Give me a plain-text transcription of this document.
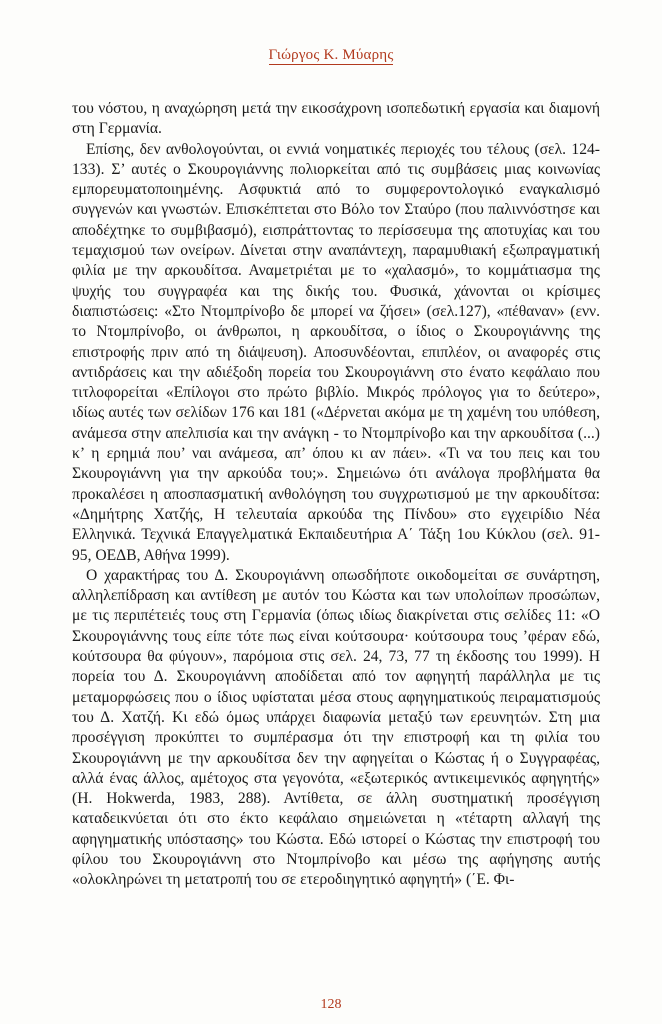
Γιώργος Κ. Μύαρης

του νόστου, η αναχώρηση μετά την εικοσάχρονη ισοπεδωτική εργασία και διαμονή στη Γερμανία.

Επίσης, δεν ανθολογούνται, οι εννιά νοηματικές περιοχές του τέλους (σελ. 124-133). Σ’ αυτές ο Σκουρογιάννης πολιορκείται από τις συμβάσεις μιας κοινωνίας εμπορευματοποιημένης. Ασφυκτιά από το συμφεροντολογικό εναγκαλισμό συγγενών και γνωστών. Επισκέπτεται στο Βόλο τον Σταύρο (που παλιννόστησε και αποδέχτηκε το συμβιβασμό), εισπράττοντας το περίσσευμα της αποτυχίας και του τεμαχισμού των ονείρων. Δίνεται στην αναπάντεχη, παραμυθιακή εξωπραγματική φιλία με την αρκουδίτσα. Αναμετριέται με το «χαλασμό», το κομμάτιασμα της ψυχής του συγγραφέα και της δικής του. Φυσικά, χάνονται οι κρίσιμες διαπιστώσεις: «Στο Ντομπρίνοβο δε μπορεί να ζήσει» (σελ.127), «πέθαναν» (ενν. το Ντομπρίνοβο, οι άνθρωποι, η αρκουδίτσα, ο ίδιος ο Σκουρογιάννης της επιστροφής πριν από τη διάψευση). Αποσυνδέονται, επιπλέον, οι αναφορές στις αντιδράσεις και την αδιέξοδη πορεία του Σκουρογιάννη στο ένατο κεφάλαιο που τιτλοφορείται «Επίλογοι στο πρώτο βιβλίο. Μικρός πρόλογος για το δεύτερο», ιδίως αυτές των σελίδων 176 και 181 («Δέρνεται ακόμα με τη χαμένη του υπόθεση, ανάμεσα στην απελπισία και την ανάγκη - το Ντομπρίνοβο και την αρκουδίτσα (...) κ’ η ερημιά που’ ναι ανάμεσα, απ’ όπου κι αν πάει». «Τι να του πεις και του Σκουρογιάννη για την αρκούδα του;». Σημειώνω ότι ανάλογα προβλήματα θα προκαλέσει η αποσπασματική ανθολόγηση του συγχρωτισμού με την αρκουδίτσα: «Δημήτρης Χατζής, Η τελευταία αρκούδα της Πίνδου» στο εγχειρίδιο Νέα Ελληνικά. Τεχνικά Επαγγελματικά Εκπαιδευτήρια Α΄ Τάξη 1ου Κύκλου (σελ. 91-95, ΟΕΔΒ, Αθήνα 1999).

Ο χαρακτήρας του Δ. Σκουρογιάννη οπωσδήποτε οικοδομείται σε συνάρτηση, αλληλεπίδραση και αντίθεση με αυτόν του Κώστα και των υπολοίπων προσώπων, με τις περιπέτειές τους στη Γερμανία (όπως ιδίως διακρίνεται στις σελίδες 11: «Ο Σκουρογιάννης τους είπε τότε πως είναι κούτσουρα· κούτσουρα τους ’φέραν εδώ, κούτσουρα θα φύγουν», παρόμοια στις σελ. 24, 73, 77 τη έκδοσης του 1999). Η πορεία του Δ. Σκουρογιάννη αποδίδεται από τον αφηγητή παράλληλα με τις μεταμορφώσεις που ο ίδιος υφίσταται μέσα στους αφηγηματικούς πειραματισμούς του Δ. Χατζή. Κι εδώ όμως υπάρχει διαφωνία μεταξύ των ερευνητών. Στη μια προσέγγιση προκύπτει το συμπέρασμα ότι την επιστροφή και τη φιλία του Σκουρογιάννη με την αρκουδίτσα δεν την αφηγείται ο Κώστας ή ο Συγγραφέας, αλλά ένας άλλος, αμέτοχος στα γεγονότα, «εξωτερικός αντικειμενικός αφηγητής» (Η. Hokwerda, 1983, 288). Αντίθετα, σε άλλη συστηματική προσέγγιση καταδεικνύεται ότι στο έκτο κεφάλαιο σημειώνεται η «τέταρτη αλλαγή της αφηγηματικής υπόστασης» του Κώστα. Εδώ ιστορεί ο Κώστας την επιστροφή του φίλου του Σκουρογιάννη στο Ντομπρίνοβο και μέσω της αφήγησης αυτής «ολοκληρώνει τη μετατροπή του σε ετεροδιηγητικό αφηγητή» (΄Ε. Φι-

128
